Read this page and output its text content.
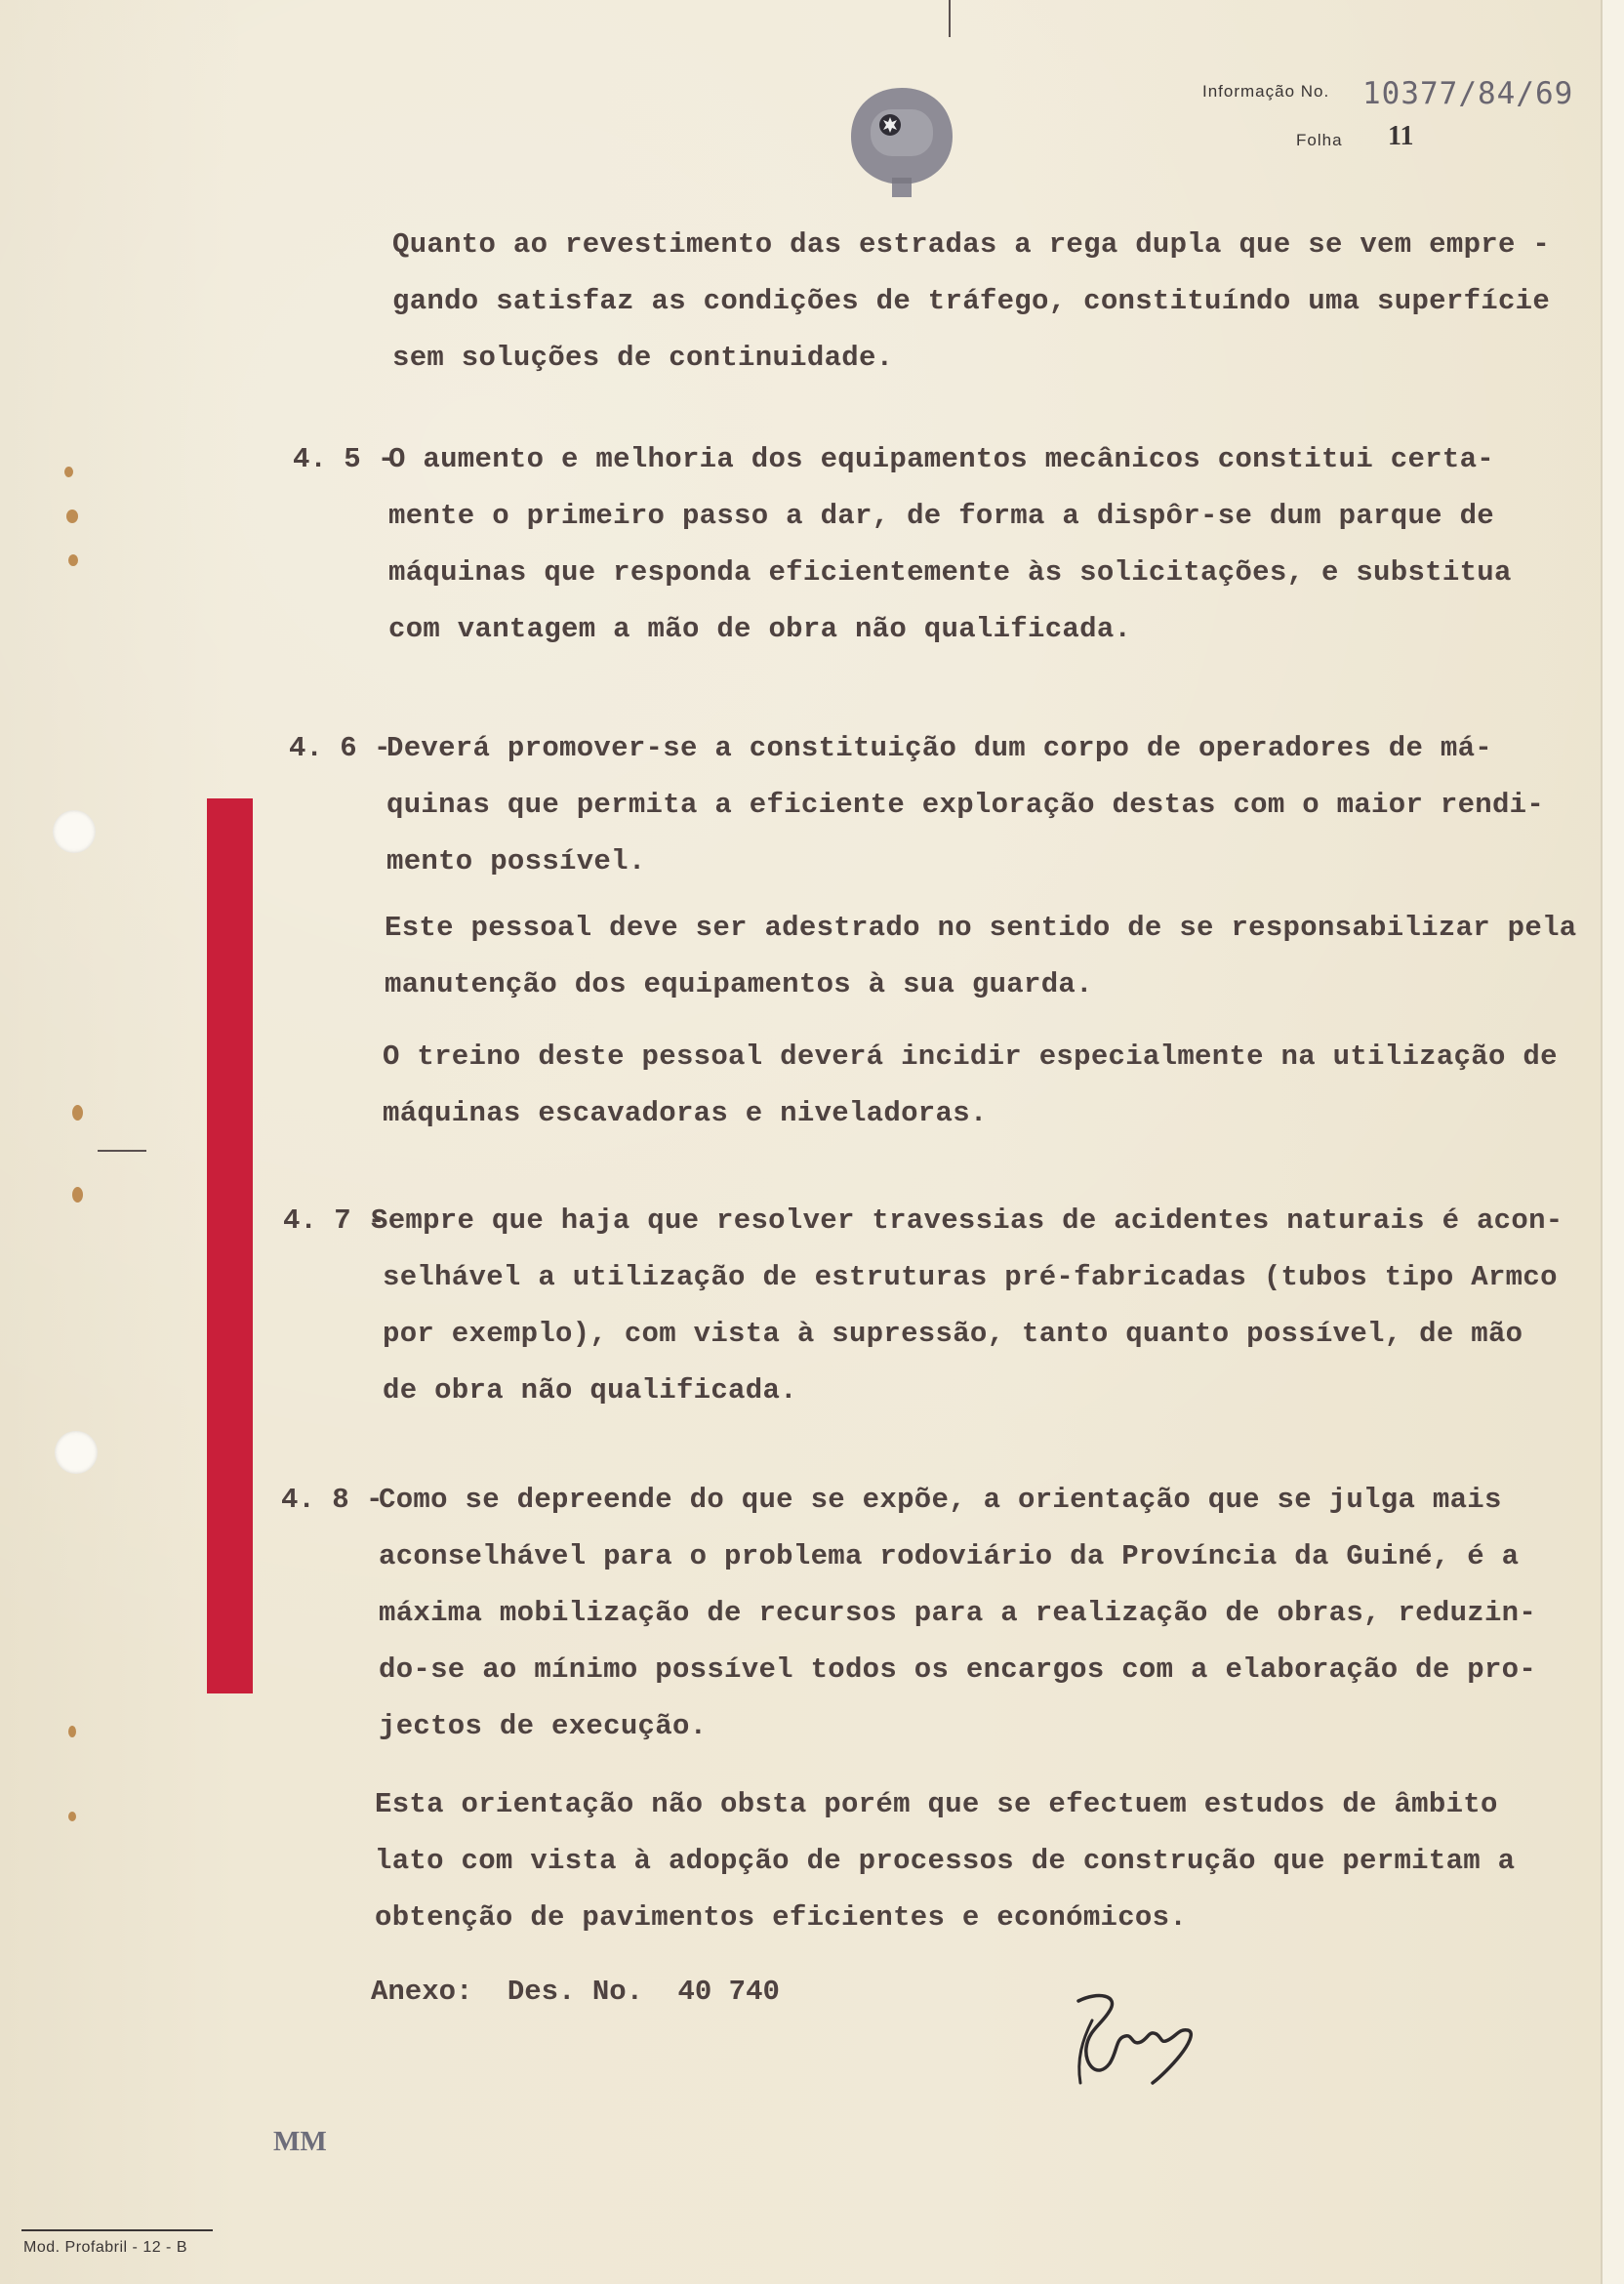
Informação No. 10377/84/69
Folha 11
Quanto ao revestimento das estradas a rega dupla que se vem empre -
gando satisfaz as condições de tráfego, constituíndo uma superfície
sem soluções de continuidade.
4. 5 -
O aumento e melhoria dos equipamentos mecânicos constitui certa-
mente o primeiro passo a dar, de forma a dispôr-se dum parque de
máquinas que responda eficientemente às solicitações, e substitua
com vantagem a mão de obra não qualificada.
4. 6 -
Deverá promover-se a constituição dum corpo de operadores de má-
quinas que permita a eficiente exploração destas com o maior rendi-
mento possível.
Este pessoal deve ser adestrado no sentido de se responsabilizar pela
manutenção dos equipamentos à sua guarda.
O treino deste pessoal deverá incidir especialmente na utilização de
máquinas escavadoras e niveladoras.
4. 7 -
Sempre que haja que resolver travessias de acidentes naturais é acon-
selhável a utilização de estruturas pré-fabricadas (tubos tipo Armco
por exemplo), com vista à supressão, tanto quanto possível, de mão
de obra não qualificada.
4. 8 -
Como se depreende do que se expõe, a orientação que se julga mais
aconselhável para o problema rodoviário da Província da Guiné, é a
máxima mobilização de recursos para a realização de obras, reduzin-
do-se ao mínimo possível todos os encargos com a elaboração de pro-
jectos de execução.
Esta orientação não obsta porém que se efectuem estudos de âmbito
lato com vista à adopção de processos de construção que permitam a
obtenção de pavimentos eficientes e económicos.
Anexo: Des. No. 40 740
MM
Mod. Profabril - 12 - B
